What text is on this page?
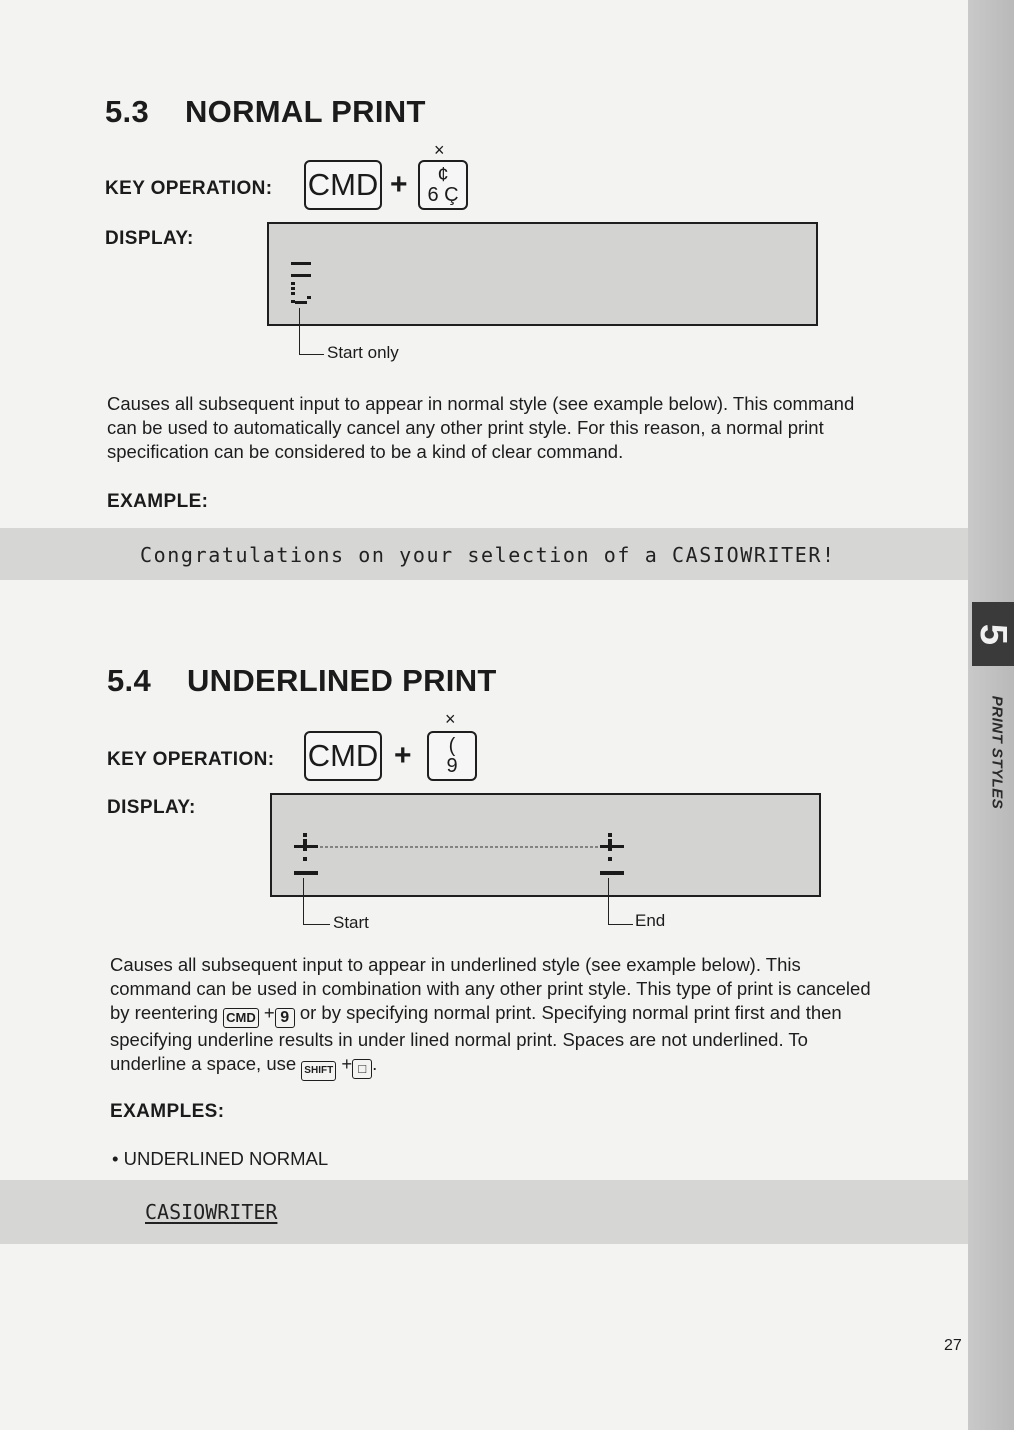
5
PRINT STYLES
5.3 NORMAL PRINT
KEY OPERATION: CMD +
×
¢
6 Ç
DISPLAY:
Start only

Causes all subsequent input to appear in normal style (see example below). This command can be used to automatically cancel any other print style. For this reason, a normal print specification can be considered to be a kind of clear command.

EXAMPLE:
Congratulations on your selection of a CASIOWRITER!
5.4 UNDERLINED PRINT
KEY OPERATION: CMD +
×
(
9
DISPLAY:
Start	End

Causes all subsequent input to appear in underlined style (see example below). This command can be used in combination with any other print style. This type of print is canceled by reentering CMD + 9 or by specifying normal print. Specifying normal print first and then specifying underline results in under lined normal print. Spaces are not underlined. To underline a space, use SHIFT + □ .

EXAMPLES:

• UNDERLINED NORMAL

CASIOWRITER
27
